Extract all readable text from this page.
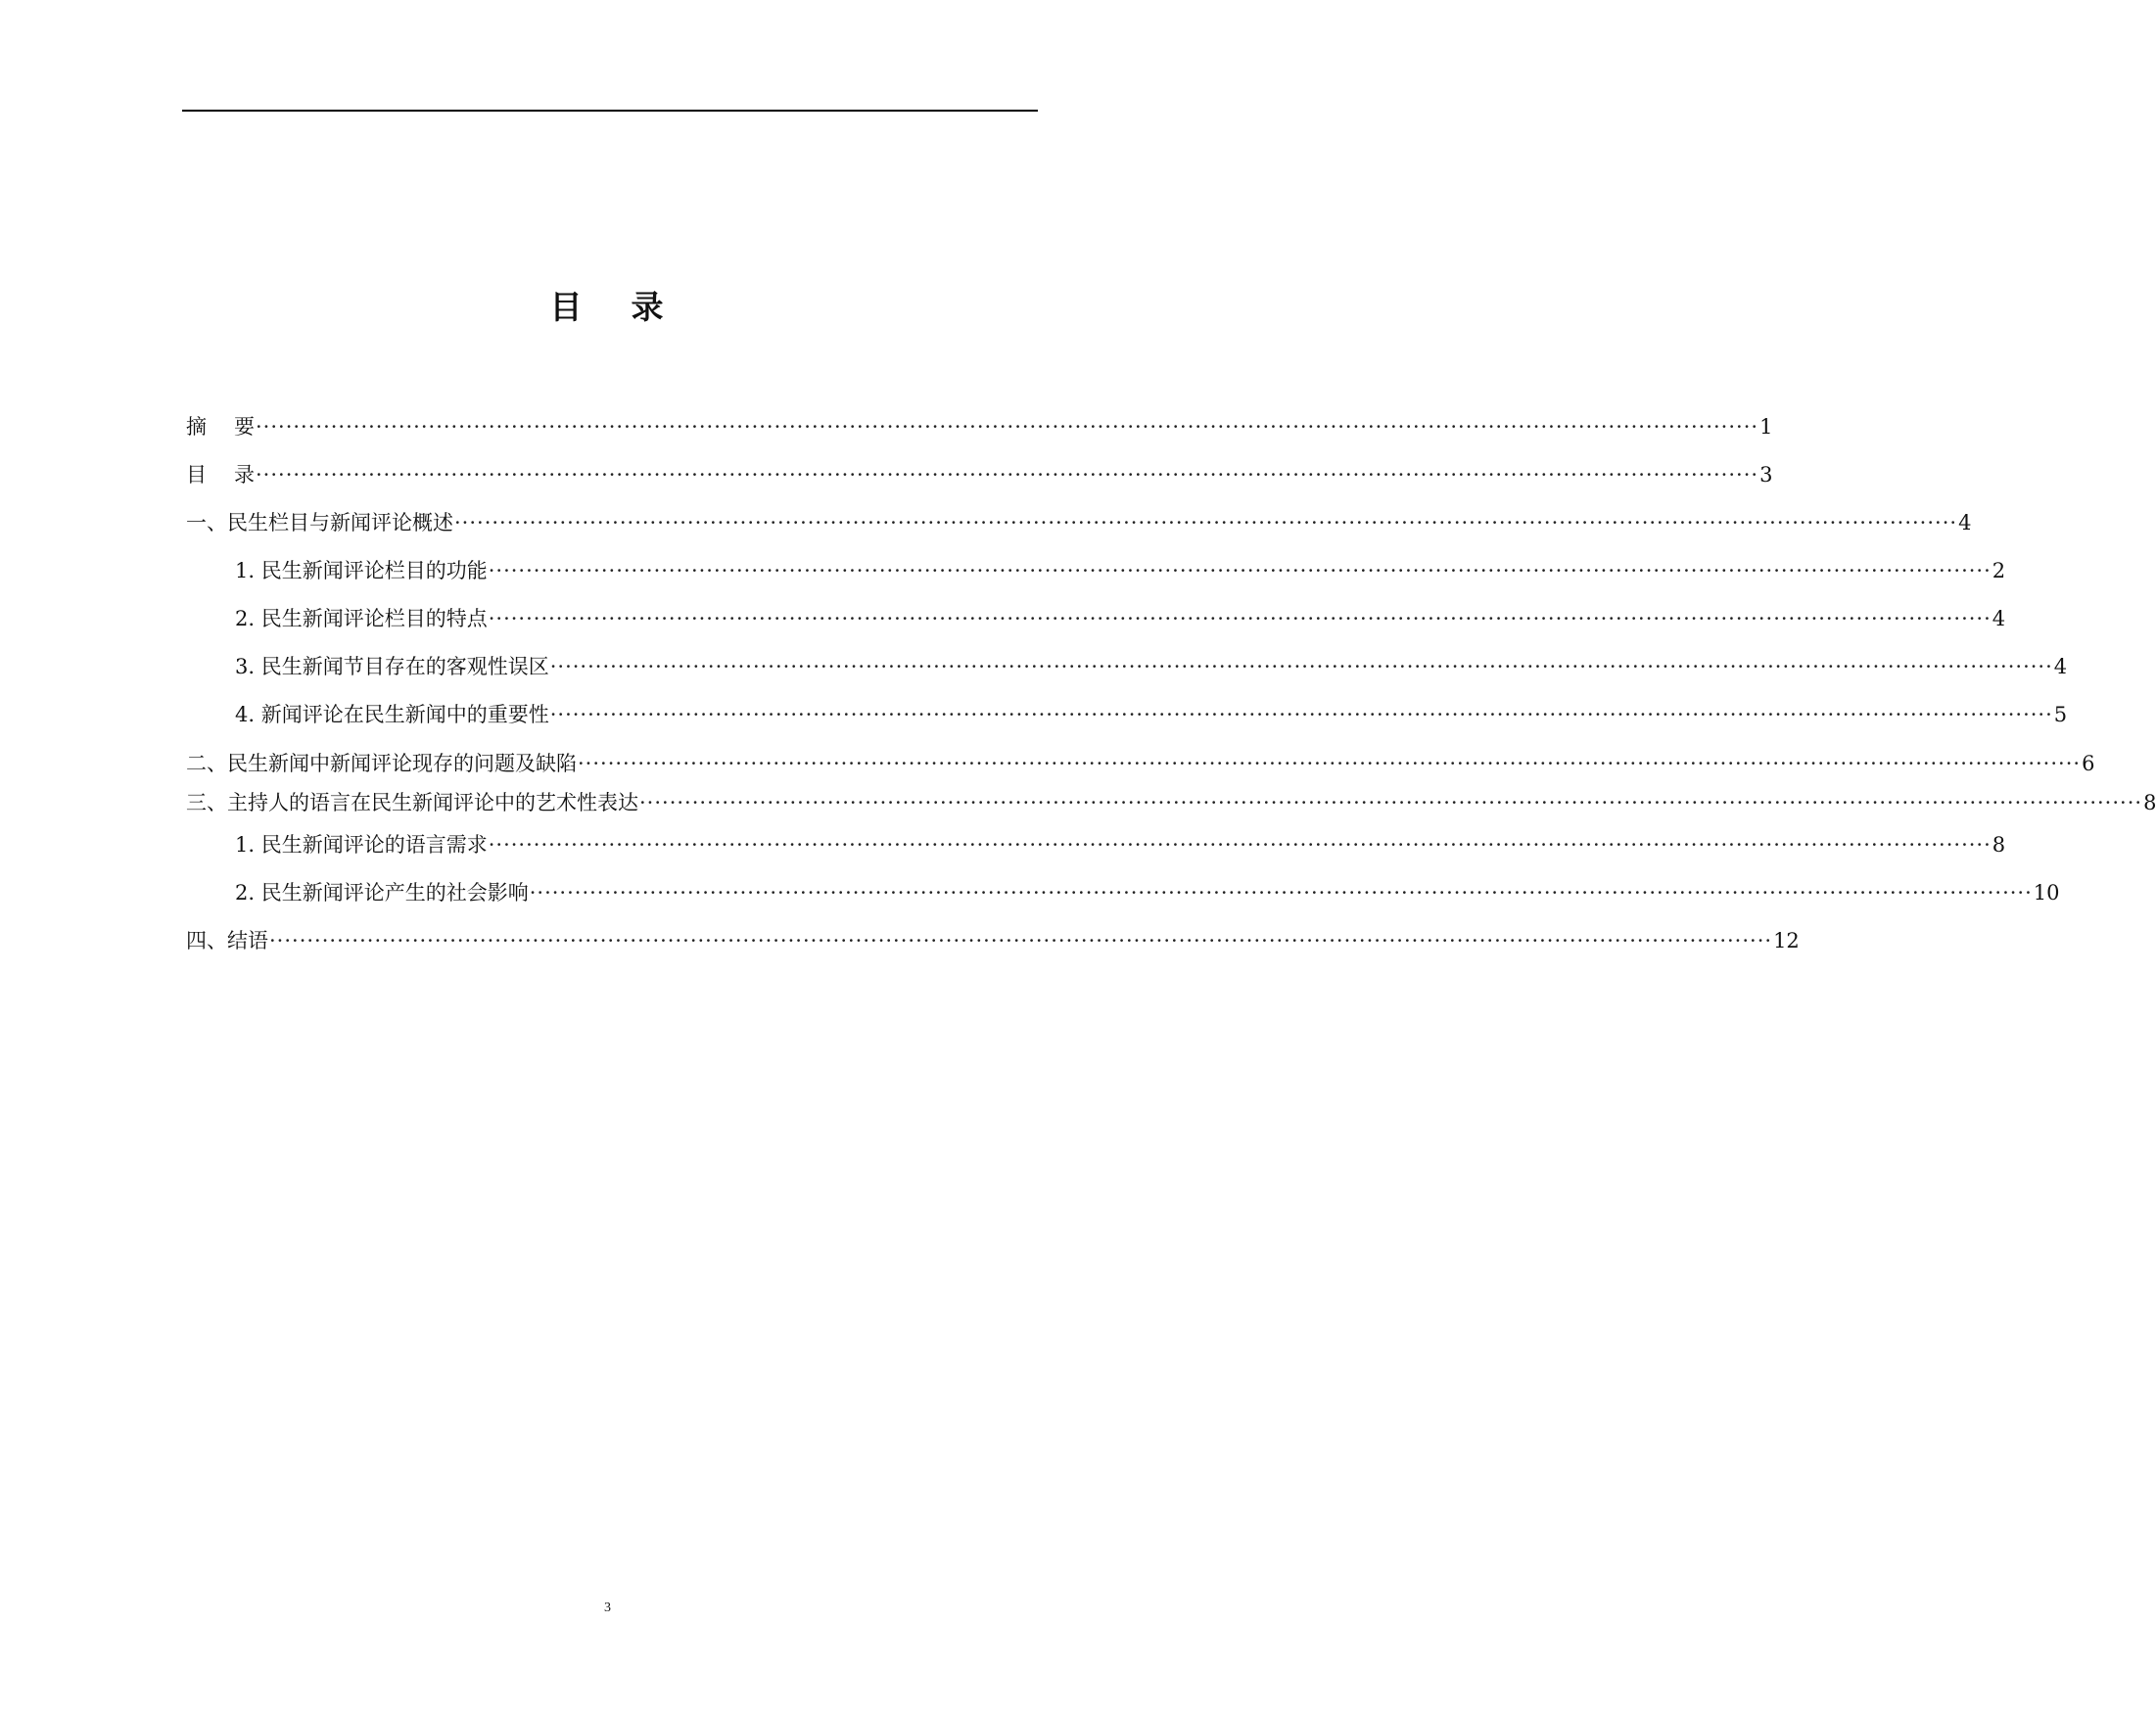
目 录
摘 要 ········································································································································································································ 1
目 录 ········································································································································································································ 3
一、民生栏目与新闻评论概述 ········································································································································································································ 4
1. 民生新闻评论栏目的功能 ········································································································································································································ 2
2. 民生新闻评论栏目的特点 ········································································································································································································ 4
3. 民生新闻节目存在的客观性误区 ········································································································································································································ 4
4. 新闻评论在民生新闻中的重要性 ········································································································································································································ 5
二、民生新闻中新闻评论现存的问题及缺陷 ········································································································································································································ 6
三、主持人的语言在民生新闻评论中的艺术性表达 ········································································································································································································ 8
1. 民生新闻评论的语言需求 ········································································································································································································ 8
2. 民生新闻评论产生的社会影响 ········································································································································································································ 10
四、结语 ········································································································································································································ 12
3
